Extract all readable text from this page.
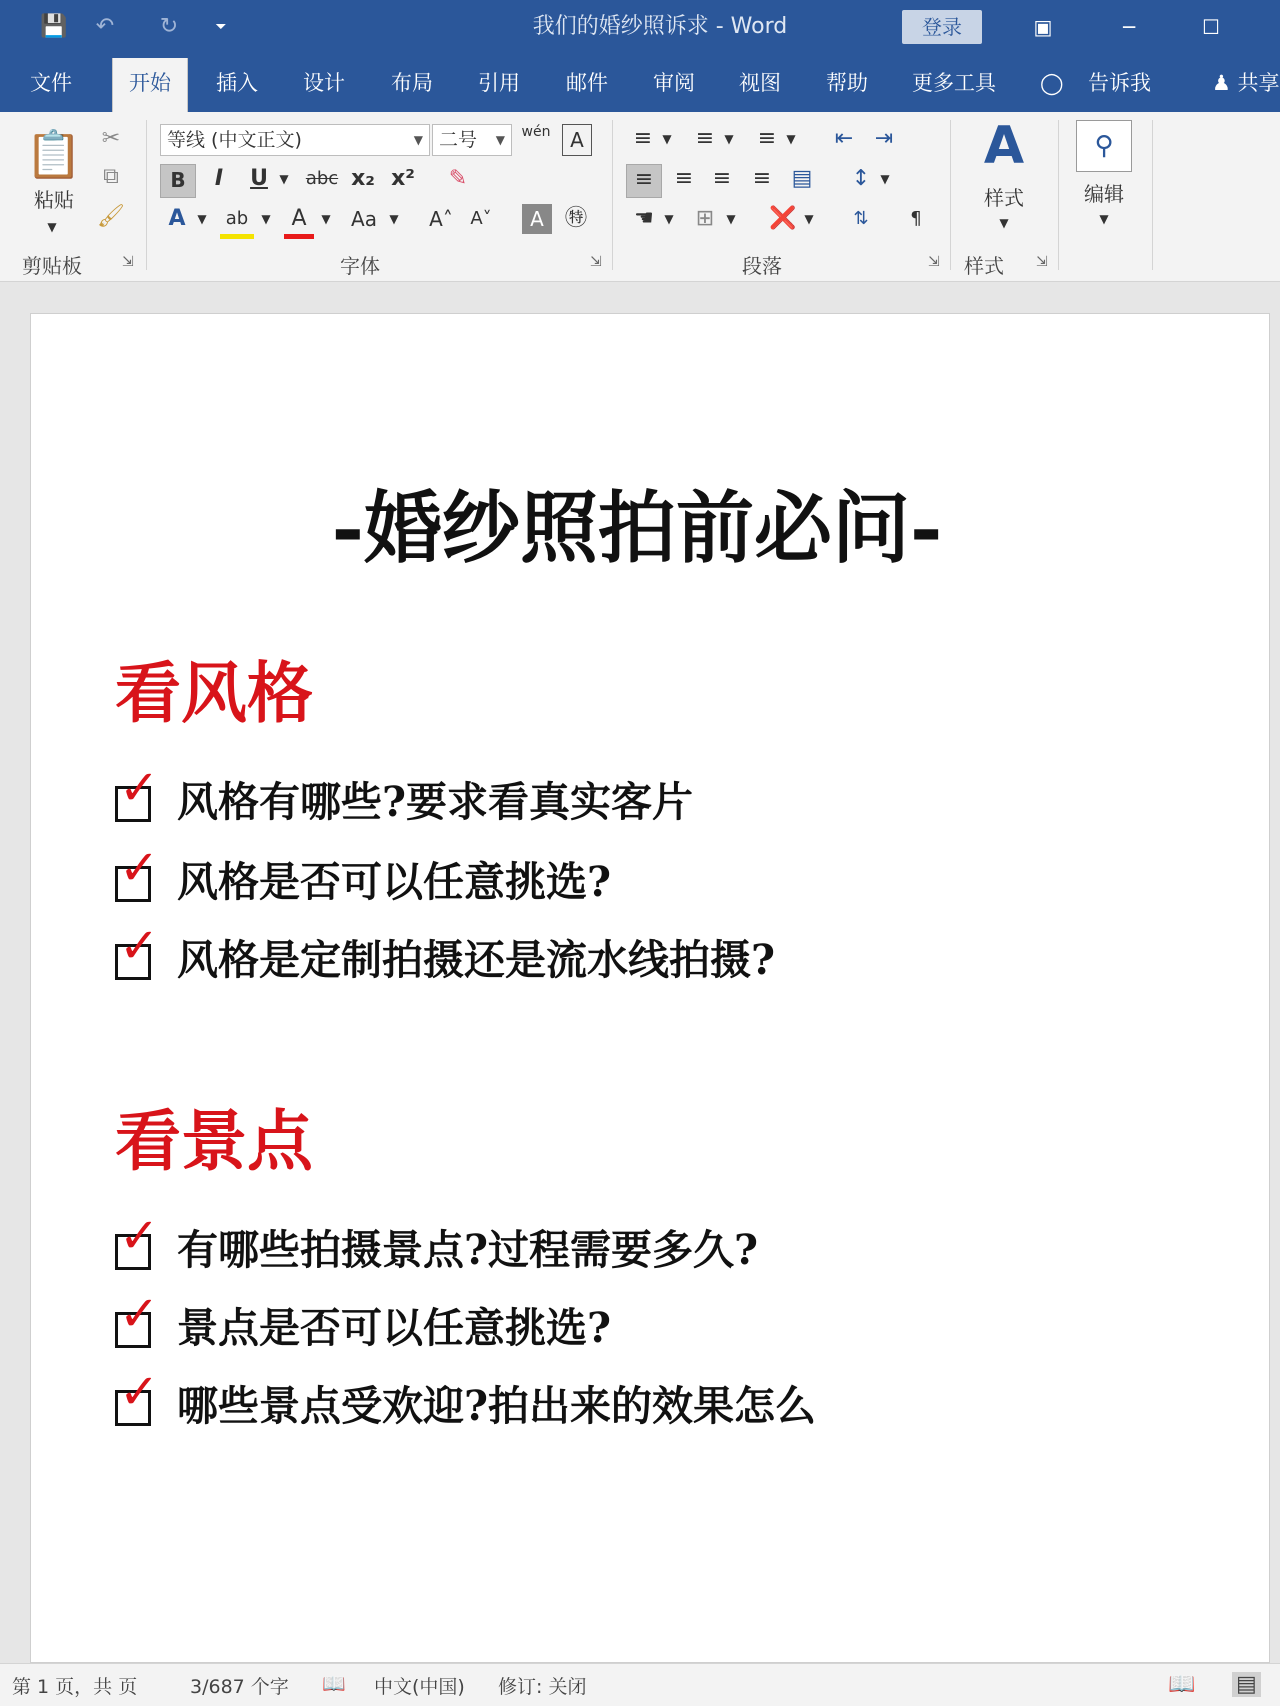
💾	↶	↻	⏷	我们的婚纱照诉求 - Word	登录	▣	─	☐
文件	开始	插入 设计 布局 引用 邮件 审阅 视图 帮助 更多工具 ◯ 告诉我	♟ 共享
📋
粘贴
▼
✂
⧉
🖌
剪贴板	⇲
等线 (中文正文)	▼ 二号 ▼ wén A
B	I	U ▼ abc x₂ x²	✎
A ▼	ab	▼ A	▼	Aa	▼ A˄ A˅	A ㊕
字体	⇲
≡ ▼ ≡ ▼ ≡ ▼	⇤ ⇥
≡ ≡ ≡ ≡ ▤ ↕ ▼
☚ ▼ ⊞	▼ ❌ ▼	⇅	¶
段落	⇲
A
样式
▼
样式 ⇲
⚲
编辑
▼
-婚纱照拍前必问-
看风格
✓ 风格有哪些?要求看真实客片
✓ 风格是否可以任意挑选?
✓ 风格是定制拍摄还是流水线拍摄?
看景点
✓ 有哪些拍摄景点?过程需要多久?
✓ 景点是否可以任意挑选?
✓ 哪些景点受欢迎?拍出来的效果怎么
第 1 页，共 页	3/687 个字 📖 中文(中国) 修订: 关闭	📖 ▤
